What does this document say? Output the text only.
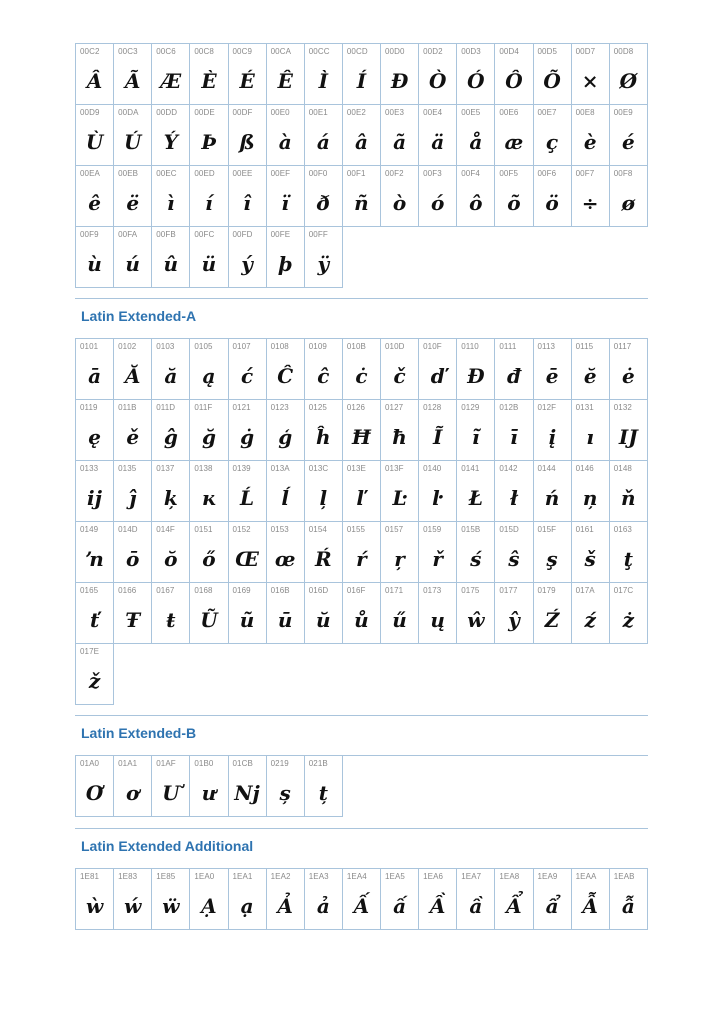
00C2
Â
00C3
Ã
00C6
Æ
00C8
È
00C9
É
00CA
Ê
00CC
Ì
00CD
Í
00D0
Ð
00D2
Ò
00D3
Ó
00D4
Ô
00D5
Õ
00D7
×
00D8
Ø
00D9
Ù
00DA
Ú
00DD
Ý
00DE
Þ
00DF
ß
00E0
à
00E1
á
00E2
â
00E3
ã
00E4
ä
00E5
å
00E6
æ
00E7
ç
00E8
è
00E9
é
00EA
ê
00EB
ë
00EC
ì
00ED
í
00EE
î
00EF
ï
00F0
ð
00F1
ñ
00F2
ò
00F3
ó
00F4
ô
00F5
õ
00F6
ö
00F7
÷
00F8
ø
00F9
ù
00FA
ú
00FB
û
00FC
ü
00FD
ý
00FE
þ
00FF
ÿ
Latin Extended-A
0101
ā
0102
Ă
0103
ă
0105
ą
0107
ć
0108
Ĉ
0109
ĉ
010B
ċ
010D
č
010F
ď
0110
Đ
0111
đ
0113
ē
0115
ĕ
0117
ė
0119
ę
011B
ě
011D
ĝ
011F
ğ
0121
ġ
0123
ģ
0125
ĥ
0126
Ħ
0127
ħ
0128
Ĩ
0129
ĩ
012B
ī
012F
į
0131
ı
0132
Ĳ
0133
ĳ
0135
ĵ
0137
ķ
0138
ĸ
0139
Ĺ
013A
ĺ
013C
ļ
013E
ľ
013F
Ŀ
0140
ŀ
0141
Ł
0142
ł
0144
ń
0146
ņ
0148
ň
0149
ŉ
014D
ō
014F
ŏ
0151
ő
0152
Œ
0153
œ
0154
Ŕ
0155
ŕ
0157
ŗ
0159
ř
015B
ś
015D
ŝ
015F
ş
0161
š
0163
ţ
0165
ť
0166
Ŧ
0167
ŧ
0168
Ũ
0169
ũ
016B
ū
016D
ŭ
016F
ů
0171
ű
0173
ų
0175
ŵ
0177
ŷ
0179
Ź
017A
ź
017C
ż
017E
ž
Latin Extended-B
01A0
Ơ
01A1
ơ
01AF
Ư
01B0
ư
01CB
ǋ
0219
ș
021B
ț
Latin Extended Additional
1E81
ẁ
1E83
ẃ
1E85
ẅ
1EA0
Ạ
1EA1
ạ
1EA2
Ả
1EA3
ả
1EA4
Ấ
1EA5
ấ
1EA6
Ầ
1EA7
ầ
1EA8
Ẩ
1EA9
ẩ
1EAA
Ẫ
1EAB
ẫ
